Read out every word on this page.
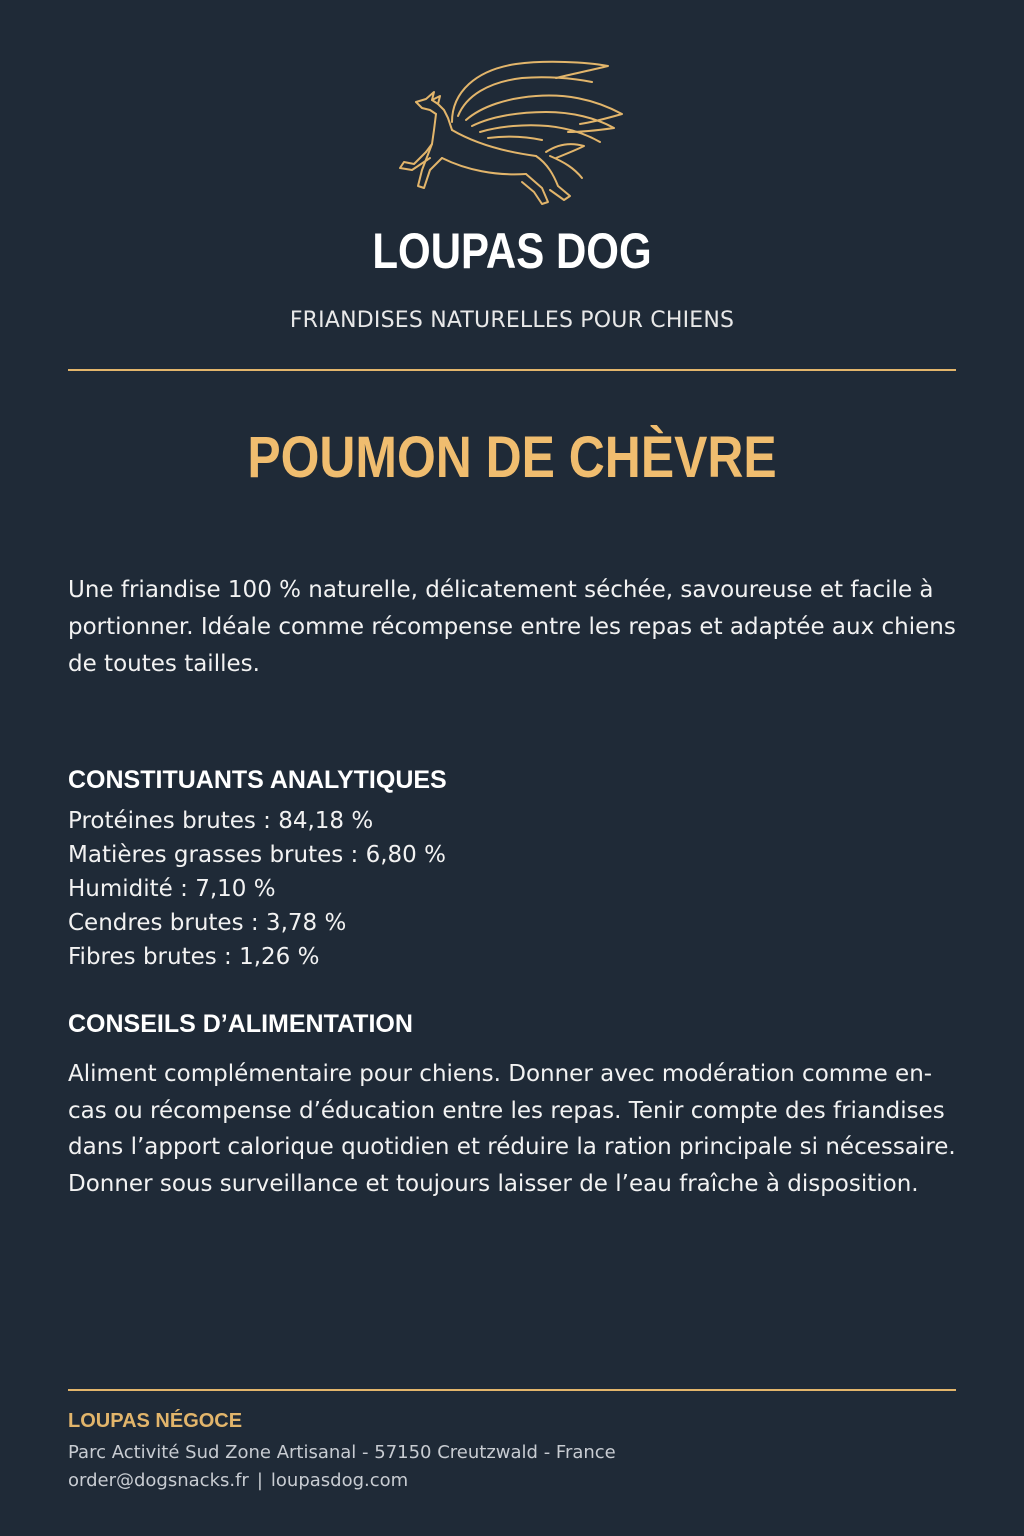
LOUPAS DOG
FRIANDISES NATURELLES POUR CHIENS
POUMON DE CHÈVRE

Une friandise 100 % naturelle, délicatement séchée, savoureuse et facile à portionner. Idéale comme récompense entre les repas et adaptée aux chiens de toutes tailles.

CONSTITUANTS ANALYTIQUES
Protéines brutes : 84,18 %
Matières grasses brutes : 6,80 %
Humidité : 7,10 %
Cendres brutes : 3,78 %
Fibres brutes : 1,26 %
CONSEILS D’ALIMENTATION

Aliment complémentaire pour chiens. Donner avec modération comme en-cas ou récompense d’éducation entre les repas. Tenir compte des friandises dans l’apport calorique quotidien et réduire la ration principale si nécessaire. Donner sous surveillance et toujours laisser de l’eau fraîche à disposition.

LOUPAS NÉGOCE
Parc Activité Sud Zone Artisanal - 57150 Creutzwald - France
order@dogsnacks.fr | loupasdog.com
